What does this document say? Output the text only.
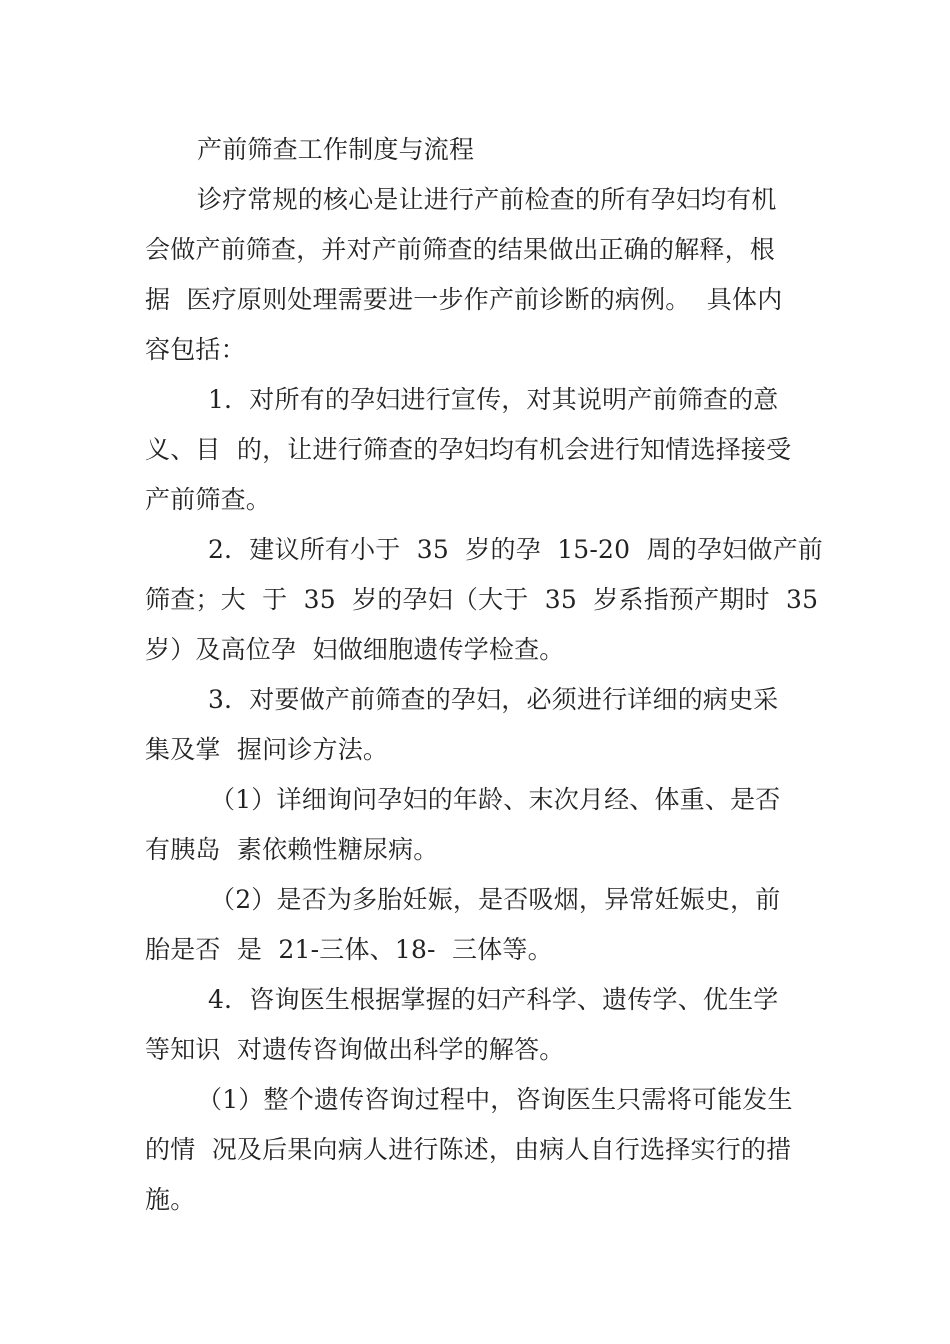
产前筛查工作制度与流程
诊疗常规的核心是让进行产前检查的所有孕妇均有机
会做产前筛查，并对产前筛查的结果做出正确的解释，根
据  医疗原则处理需要进一步作产前诊断的病例。  具体内
容包括：
1．对所有的孕妇进行宣传，对其说明产前筛查的意
义、目  的，让进行筛查的孕妇均有机会进行知情选择接受
产前筛查。
2．建议所有小于  35  岁的孕  15-20  周的孕妇做产前
筛查；大  于  35  岁的孕妇（大于  35  岁系指预产期时  35
岁）及高位孕  妇做细胞遗传学检查。
3．对要做产前筛查的孕妇，必须进行详细的病史采
集及掌  握问诊方法。
（1）详细询问孕妇的年龄、末次月经、体重、是否
有胰岛  素依赖性糖尿病。
（2）是否为多胎妊娠，是否吸烟，异常妊娠史，前
胎是否  是  21-三体、18-  三体等。
4．咨询医生根据掌握的妇产科学、遗传学、优生学
等知识  对遗传咨询做出科学的解答。
（1）整个遗传咨询过程中，咨询医生只需将可能发生
的情  况及后果向病人进行陈述，由病人自行选择实行的措
施。
